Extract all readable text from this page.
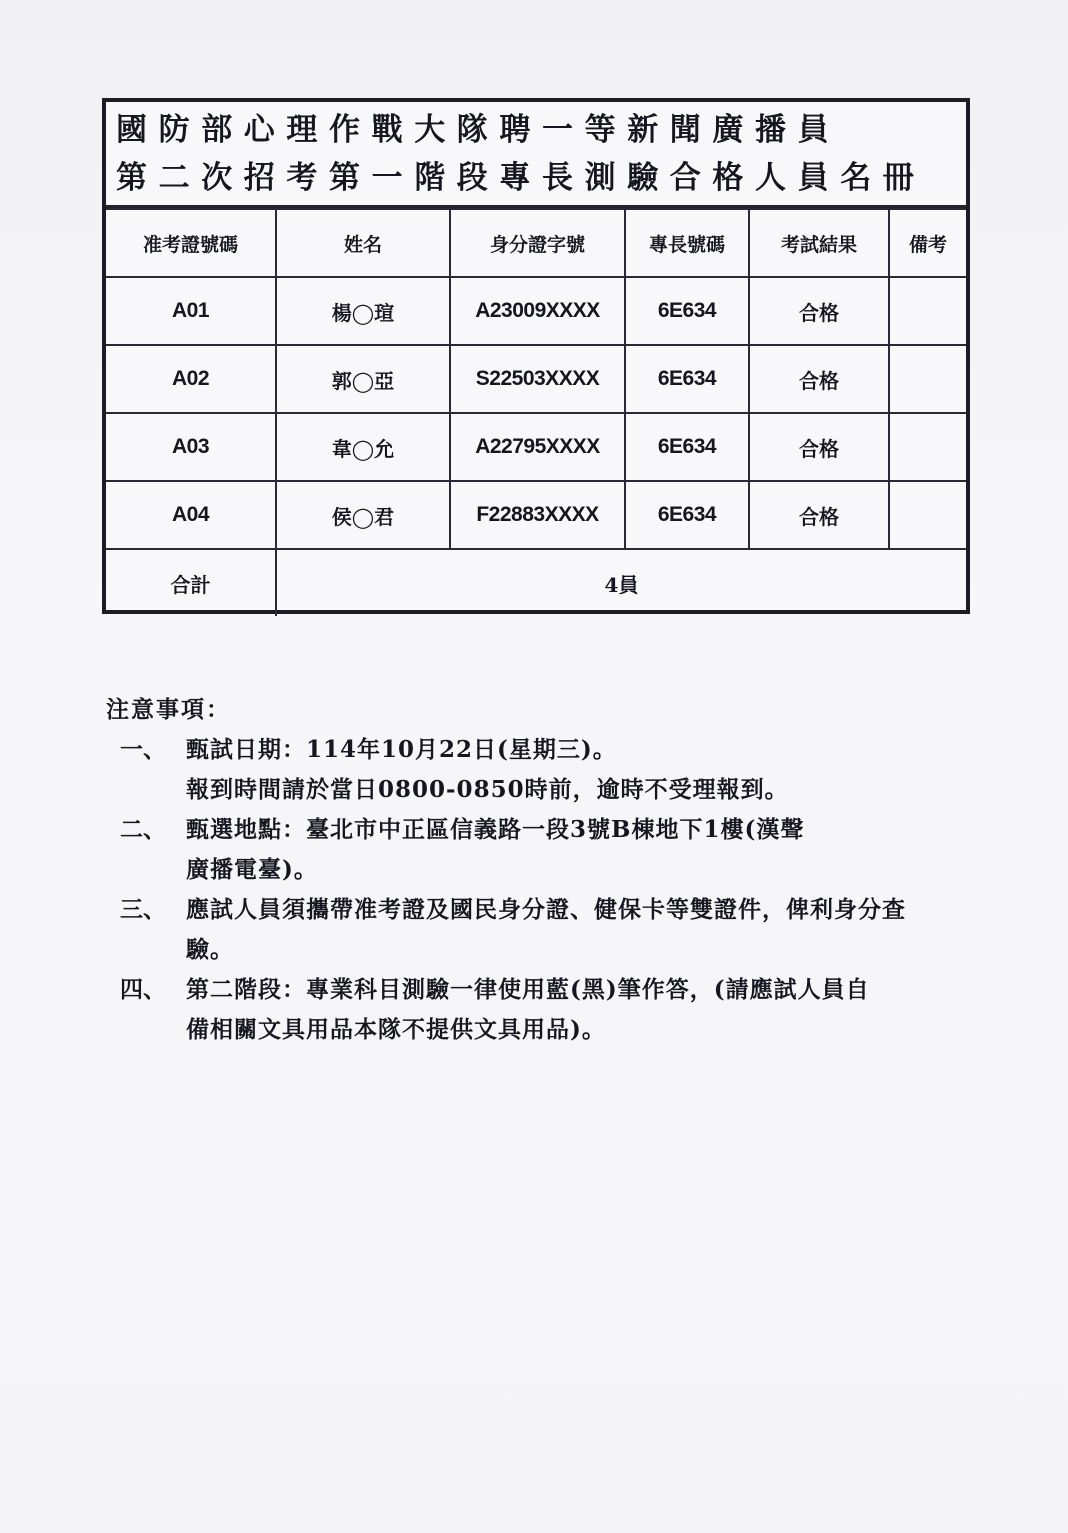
國防部心理作戰大隊聘一等新聞廣播員
第二次招考第一階段專長測驗合格人員名冊
准考證號碼	姓名	身分證字號	專長號碼	考試結果	備考
A01	楊◯瑄	A23009XXXX	6E634	合格	
A02	郭◯亞	S22503XXXX	6E634	合格	
A03	韋◯允	A22795XXXX	6E634	合格	
A04	侯◯君	F22883XXXX	6E634	合格	
合計	4員				
注意事項：
一、 甄試日期：114年10月22日(星期三)。
報到時間請於當日0800-0850時前，逾時不受理報到。
二、 甄選地點：臺北市中正區信義路一段3號B棟地下1樓(漢聲
廣播電臺)。
三、 應試人員須攜帶准考證及國民身分證、健保卡等雙證件，俾利身分查
驗。
四、 第二階段：專業科目測驗一律使用藍(黑)筆作答，(請應試人員自
備相關文具用品本隊不提供文具用品)。
